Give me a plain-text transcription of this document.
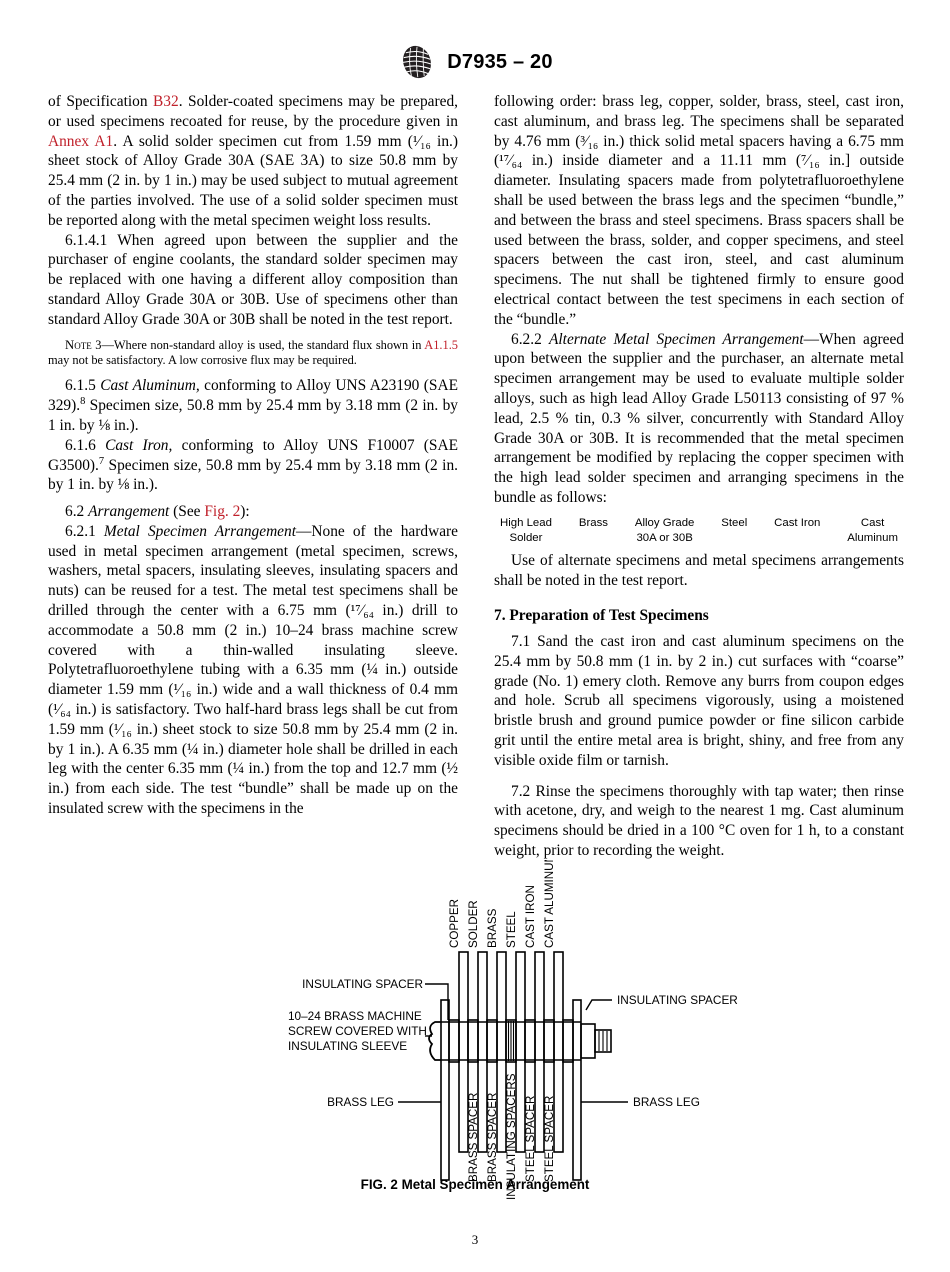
D7935 – 20

of Specification B32. Solder-coated specimens may be prepared, or used specimens recoated for reuse, by the procedure given in Annex A1. A solid solder specimen cut from 1.59 mm (¹⁄₁₆ in.) sheet stock of Alloy Grade 30A (SAE 3A) to size 50.8 mm by 25.4 mm (2 in. by 1 in.) may be used subject to mutual agreement of the parties involved. The use of a solid solder specimen must be reported along with the metal specimen weight loss results.

6.1.4.1 When agreed upon between the supplier and the purchaser of engine coolants, the standard solder specimen may be replaced with one having a different alloy composition than standard Alloy Grade 30A or 30B. Use of specimens other than standard Alloy Grade 30A or 30B shall be noted in the test report.

Note 3—Where non-standard alloy is used, the standard flux shown in A1.1.5 may not be satisfactory. A low corrosive flux may be required.

6.1.5 Cast Aluminum, conforming to Alloy UNS A23190 (SAE 329).$^8$ Specimen size, 50.8 mm by 25.4 mm by 3.18 mm (2 in. by 1 in. by ⅛ in.).

6.1.6 Cast Iron, conforming to Alloy UNS F10007 (SAE G3500).$^7$ Specimen size, 50.8 mm by 25.4 mm by 3.18 mm (2 in. by 1 in. by ⅛ in.).

6.2 Arrangement (See Fig. 2):

6.2.1 Metal Specimen Arrangement—None of the hardware used in metal specimen arrangement (metal specimen, screws, washers, metal spacers, insulating sleeves, insulating spacers and nuts) can be reused for a test. The metal test specimens shall be drilled through the center with a 6.75 mm (¹⁷⁄₆₄ in.) drill to accommodate a 50.8 mm (2 in.) 10–24 brass machine screw covered with a thin-walled insulating sleeve. Polytetrafluoroethylene tubing with a 6.35 mm (¼ in.) outside diameter 1.59 mm (¹⁄₁₆ in.) wide and a wall thickness of 0.4 mm (¹⁄₆₄ in.) is satisfactory. Two half-hard brass legs shall be cut from 1.59 mm (¹⁄₁₆ in.) sheet stock to size 50.8 mm by 25.4 mm (2 in. by 1 in.). A 6.35 mm (¼ in.) diameter hole shall be drilled in each leg with the center 6.35 mm (¼ in.) from the top and 12.7 mm (½ in.) from each side. The test “bundle” shall be made up on the insulated screw with the specimens in the

following order: brass leg, copper, solder, brass, steel, cast iron, cast aluminum, and brass leg. The specimens shall be separated by 4.76 mm (³⁄₁₆ in.) thick solid metal spacers having a 6.75 mm (¹⁷⁄₆₄ in.) inside diameter and a 11.11 mm (⁷⁄₁₆ in.] outside diameter. Insulating spacers made from polytetrafluoroethylene shall be used between the brass legs and the specimen “bundle,” and between the brass and steel specimens. Brass spacers shall be used between the brass, solder, and copper specimens, and steel spacers between the cast iron, steel, and cast aluminum specimens. The nut shall be tightened firmly to ensure good electrical contact between the test specimens in each section of the “bundle.”

6.2.2 Alternate Metal Specimen Arrangement—When agreed upon between the supplier and the purchaser, an alternate metal specimen arrangement may be used to evaluate multiple solder alloys, such as high lead Alloy Grade L50113 consisting of 97 % lead, 2.5 % tin, 0.3 % silver, concurrently with Standard Alloy Grade 30A or 30B. It is recommended that the metal specimen arrangement be modified by replacing the copper specimen with the high lead solder specimen and arranging specimens in the bundle as follows:

High Lead
Solder
Brass Alloy Grade
30A or 30B
Steel Cast Iron	Cast
Aluminum

Use of alternate specimens and metal specimens arrangements shall be noted in the test report.

7. Preparation of Test Specimens

7.1 Sand the cast iron and cast aluminum specimens on the 25.4 mm by 50.8 mm (1 in. by 2 in.) cut surfaces with “coarse” grade (No. 1) emery cloth. Remove any burrs from coupon edges and hole. Scrub all specimens vigorously, using a moistened bristle brush and ground pumice powder or fine silicon carbide grit until the entire metal area is bright, shiny, and free from any visible oxide film or tarnish.

7.2 Rinse the specimens thoroughly with tap water; then rinse with acetone, dry, and weigh to the nearest 1 mg. Cast aluminum specimens should be dried in a 100 °C oven for 1 h, to a constant weight, prior to recording the weight.

COPPER SOLDER BRASS STEEL CAST IRON CAST ALUMINUM
BRASS SPACER BRASS SPACER INSULATING SPACERS STEEL SPACER STEEL SPACER
INSULATING SPACER
10–24 BRASS MACHINE
SCREW COVERED WITH
INSULATING SLEEVE
INSULATING SPACER
BRASS LEG	BRASS LEG
FIG. 2 Metal Specimen Arrangement
3
